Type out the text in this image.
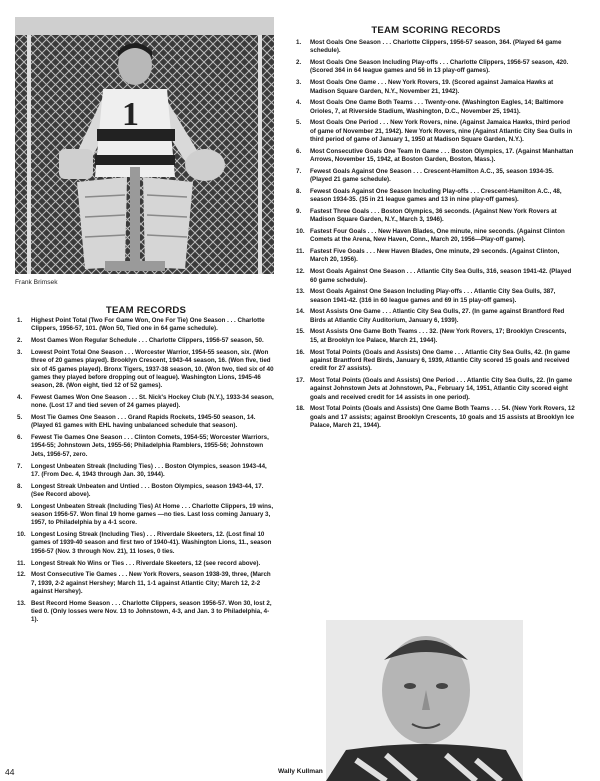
1
Frank Brimsek
TEAM RECORDS
1. Highest Point Total (Two For Game Won, One For Tie) One Season . . . Charlotte Clippers, 1956-57, 101. (Won 50, Tied one in 64 game schedule).
2. Most Games Won Regular Schedule . . . Charlotte Clippers, 1956-57 season, 50.
3. Lowest Point Total One Season . . . Worcester Warrior, 1954-55 season, six. (Won three of 20 games played). Brooklyn Crescent, 1943-44 season, 16. (Won five, tied six of 45 games played). Bronx Tigers, 1937-38 season, 10. (Won two, tied six of 40 games they played before dropping out of league). Washington Lions, 1945-46 season, 28. (Won eight, tied 12 of 52 games).
4. Fewest Games Won One Season . . . St. Nick's Hockey Club (N.Y.), 1933-34 season, none. (Lost 17 and tied seven of 24 games played).
5. Most Tie Games One Season . . . Grand Rapids Rockets, 1945-50 season, 14. (Played 61 games with EHL having unbalanced schedule that season).
6. Fewest Tie Games One Season . . . Clinton Comets, 1954-55; Worcester Warriors, 1954-55; Johnstown Jets, 1955-56; Philadelphia Ramblers, 1955-56; Johnstown Jets, 1956-57, zero.
7. Longest Unbeaten Streak (Including Ties) . . . Boston Olympics, season 1943-44, 17. (From Dec. 4, 1943 through Jan. 30, 1944).
8. Longest Streak Unbeaten and Untied . . . Boston Olympics, season 1943-44, 17. (See Record above).
9. Longest Unbeaten Streak (Including Ties) At Home . . . Charlotte Clippers, 19 wins, season 1956-57. Won final 19 home games —no ties. Last loss coming January 3, 1957, to Philadelphia by a 4-1 score.
10. Longest Losing Streak (Including Ties) . . . Riverdale Skeeters, 12. (Lost final 10 games of 1939-40 season and first two of 1940-41). Washington Lions, 11., season 1956-57 (Nov. 3 through Nov. 21), 11 loses, 0 ties.
11. Longest Streak No Wins or Ties . . . Riverdale Skeeters, 12 (see record above).
12. Most Consecutive Tie Games . . . New York Rovers, season 1938-39, three, (March 7, 1939, 2-2 against Hershey; March 11, 1-1 against Atlantic City; March 12, 2-2 against Hershey).
13. Best Record Home Season . . . Charlotte Clippers, season 1956-57. Won 30, lost 2, tied 0. (Only losses were Nov. 13 to Johnstown, 4-3, and Jan. 3 to Philadelphia, 4-1).
TEAM SCORING RECORDS
1. Most Goals One Season . . . Charlotte Clippers, 1956-57 season, 364. (Played 64 game schedule).
2. Most Goals One Season Including Play-offs . . . Charlotte Clippers, 1956-57 season, 420. (Scored 364 in 64 league games and 56 in 13 play-off games).
3. Most Goals One Game . . . New York Rovers, 19. (Scored against Jamaica Hawks at Madison Square Garden, N.Y., November 21, 1942).
4. Most Goals One Game Both Teams . . . Twenty-one. (Washington Eagles, 14; Baltimore Orioles, 7, at Riverside Stadium, Washington, D.C., November 25, 1941).
5. Most Goals One Period . . . New York Rovers, nine. (Against Jamaica Hawks, third period of game of November 21, 1942). New York Rovers, nine (Against Atlantic City Sea Gulls in third period of game of January 1, 1950 at Madison Square Garden, N.Y.).
6. Most Consecutive Goals One Team In Game . . . Boston Olympics, 17. (Against Manhattan Arrows, November 15, 1942, at Boston Garden, Boston, Mass.).
7. Fewest Goals Against One Season . . . Crescent-Hamilton A.C., 35, season 1934-35. (Played 21 game schedule).
8. Fewest Goals Against One Season Including Play-offs . . . Crescent-Hamilton A.C., 48, season 1934-35. (35 in 21 league games and 13 in nine play-off games).
9. Fastest Three Goals . . . Boston Olympics, 36 seconds. (Against New York Rovers at Madison Square Garden, N.Y., March 3, 1946).
10. Fastest Four Goals . . . New Haven Blades, One minute, nine seconds. (Against Clinton Comets at the Arena, New Haven, Conn., March 20, 1956—Play-off game).
11. Fastest Five Goals . . . New Haven Blades, One minute, 29 seconds. (Against Clinton, March 20, 1956).
12. Most Goals Against One Season . . . Atlantic City Sea Gulls, 316, season 1941-42. (Played 60 game schedule).
13. Most Goals Against One Season Including Play-offs . . . Atlantic City Sea Gulls, 387, season 1941-42. (316 in 60 league games and 69 in 15 play-off games).
14. Most Assists One Game . . . Atlantic City Sea Gulls, 27. (In game against Brantford Red Birds at Atlantic City Auditorium, January 6, 1939).
15. Most Assists One Game Both Teams . . . 32. (New York Rovers, 17; Brooklyn Crescents, 15, at Brooklyn Ice Palace, March 21, 1944).
16. Most Total Points (Goals and Assists) One Game . . . Atlantic City Sea Gulls, 42. (In game against Brantford Red Birds, January 6, 1939, Atlantic City scored 15 goals and received credit for 27 assists).
17. Most Total Points (Goals and Assists) One Period . . . Atlantic City Sea Gulls, 22. (In game against Johnstown Jets at Johnstown, Pa., February 14, 1951, Atlantic City scored eight goals and received credit for 14 assists in one period).
18. Most Total Points (Goals and Assists) One Game Both Teams . . . 54. (New York Rovers, 12 goals and 17 assists; against Brooklyn Crescents, 10 goals and 15 assists at Brooklyn Ice Palace, March 21, 1944).
44	Wally Kullman
